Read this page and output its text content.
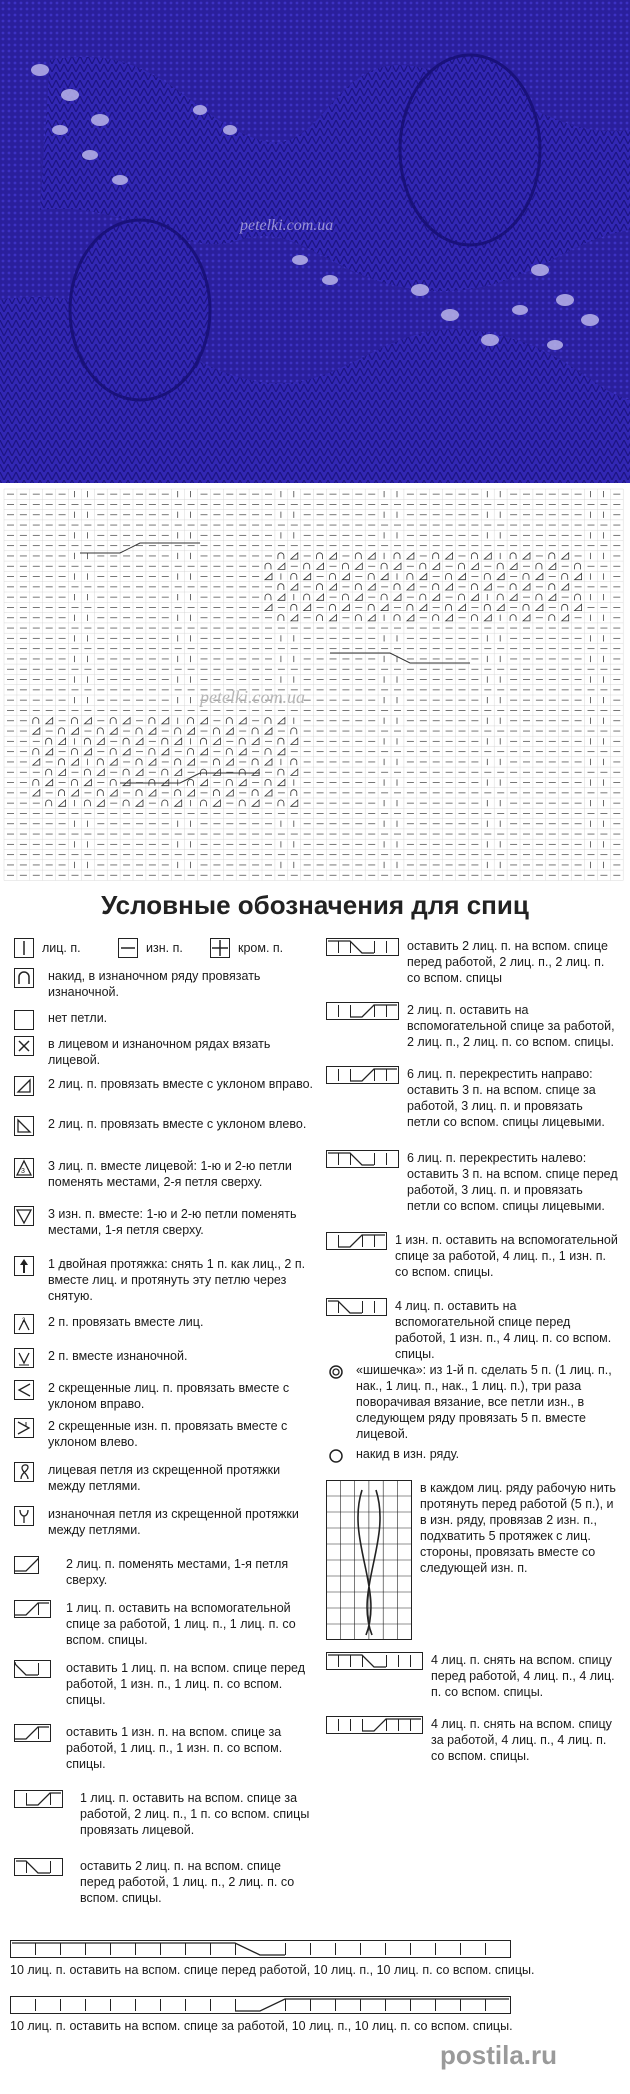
petelki.com.ua
petelki.com.ua
Условные обозначения для спиц
лиц. п.	изн. п.	кром. п.
накид, в изнаночном ряду провязать изнаночной.
нет петли.
в лицевом и изнаночном рядах вязать лицевой.
2 лиц. п. провязать вместе с уклоном вправо.
2 лиц. п. провязать вместе с уклоном влево.
3 3 лиц. п. вместе лицевой: 1-ю и 2-ю петли поменять местами, 2-я петля сверху.
3 изн. п. вместе: 1-ю и 2-ю петли поменять местами, 1-я петля сверху.
1 двойная протяжка: снять 1 п. как лиц., 2 п. вместе лиц. и протянуть эту петлю через снятую.
2 2 п. провязать вместе лиц.
2 п. вместе изнаночной.
2 скрещенные лиц. п. провязать вместе с уклоном вправо.
2 скрещенные изн. п. провязать вместе с уклоном влево.
лицевая петля из скрещенной протяжки между петлями.
изнаночная петля из скрещенной протяжки между петлями.
2 лиц. п. поменять местами, 1-я петля сверху.
1 лиц. п. оставить на вспомогательной спице за работой, 1 лиц. п., 1 лиц. п. со вспом. спицы.
оставить 1 лиц. п. на вспом. спице перед работой, 1 изн. п., 1 лиц. п. со вспом. спицы.
оставить 1 изн. п. на вспом. спице за работой, 1 лиц. п., 1 изн. п. со вспом. спицы.
1 лиц. п. оставить на вспом. спице за работой, 2 лиц. п., 1 п. со вспом. спицы провязать лицевой.
оставить 2 лиц. п. на вспом. спице перед работой, 1 лиц. п., 2 лиц. п. со вспом. спицы.
оставить 2 лиц. п. на вспом. спице перед работой, 2 лиц. п., 2 лиц. п. со вспом. спицы
2 лиц. п. оставить на вспомогательной спице за работой, 2 лиц. п., 2 лиц. п. со вспом. спицы.
6 лиц. п. перекрестить направо: оставить 3 п. на вспом. спице за работой, 3 лиц. п. и провязать петли со вспом. спицы лицевыми.
6 лиц. п. перекрестить налево: оставить 3 п. на вспом. спице перед работой, 3 лиц. п. и провязать петли со вспом. спицы лицевыми.
1 изн. п. оставить на вспомогательной спице за работой, 4 лиц. п., 1 изн. п. со вспом. спицы.
4 лиц. п. оставить на вспомогательной спице перед работой, 1 изн. п., 4 лиц. п. со вспом. спицы.
«шишечка»: из 1-й п. сделать 5 п. (1 лиц. п., нак., 1 лиц. п., нак., 1 лиц. п.), три раза поворачивая вязание, все петли изн., в следующем ряду провязать 5 п. вместе лицевой.
накид в изн. ряду.
в каждом лиц. ряду рабочую нить протянуть перед работой (5 п.), и в изн. ряду, провязав 2 изн. п., подхватить 5 протяжек с лиц. стороны, провязать вместе со следующей изн. п.
4 лиц. п. снять на вспом. спицу перед работой, 4 лиц. п., 4 лиц. п. со вспом. спицы.
4 лиц. п. снять на вспом. спицу за работой, 4 лиц. п., 4 лиц. п. со вспом. спицы.
10 лиц. п. оставить на вспом. спице перед работой, 10 лиц. п., 10 лиц. п. со вспом. спицы.
10 лиц. п. оставить на вспом. спице за работой, 10 лиц. п., 10 лиц. п. со вспом. спицы.
postila.ru
